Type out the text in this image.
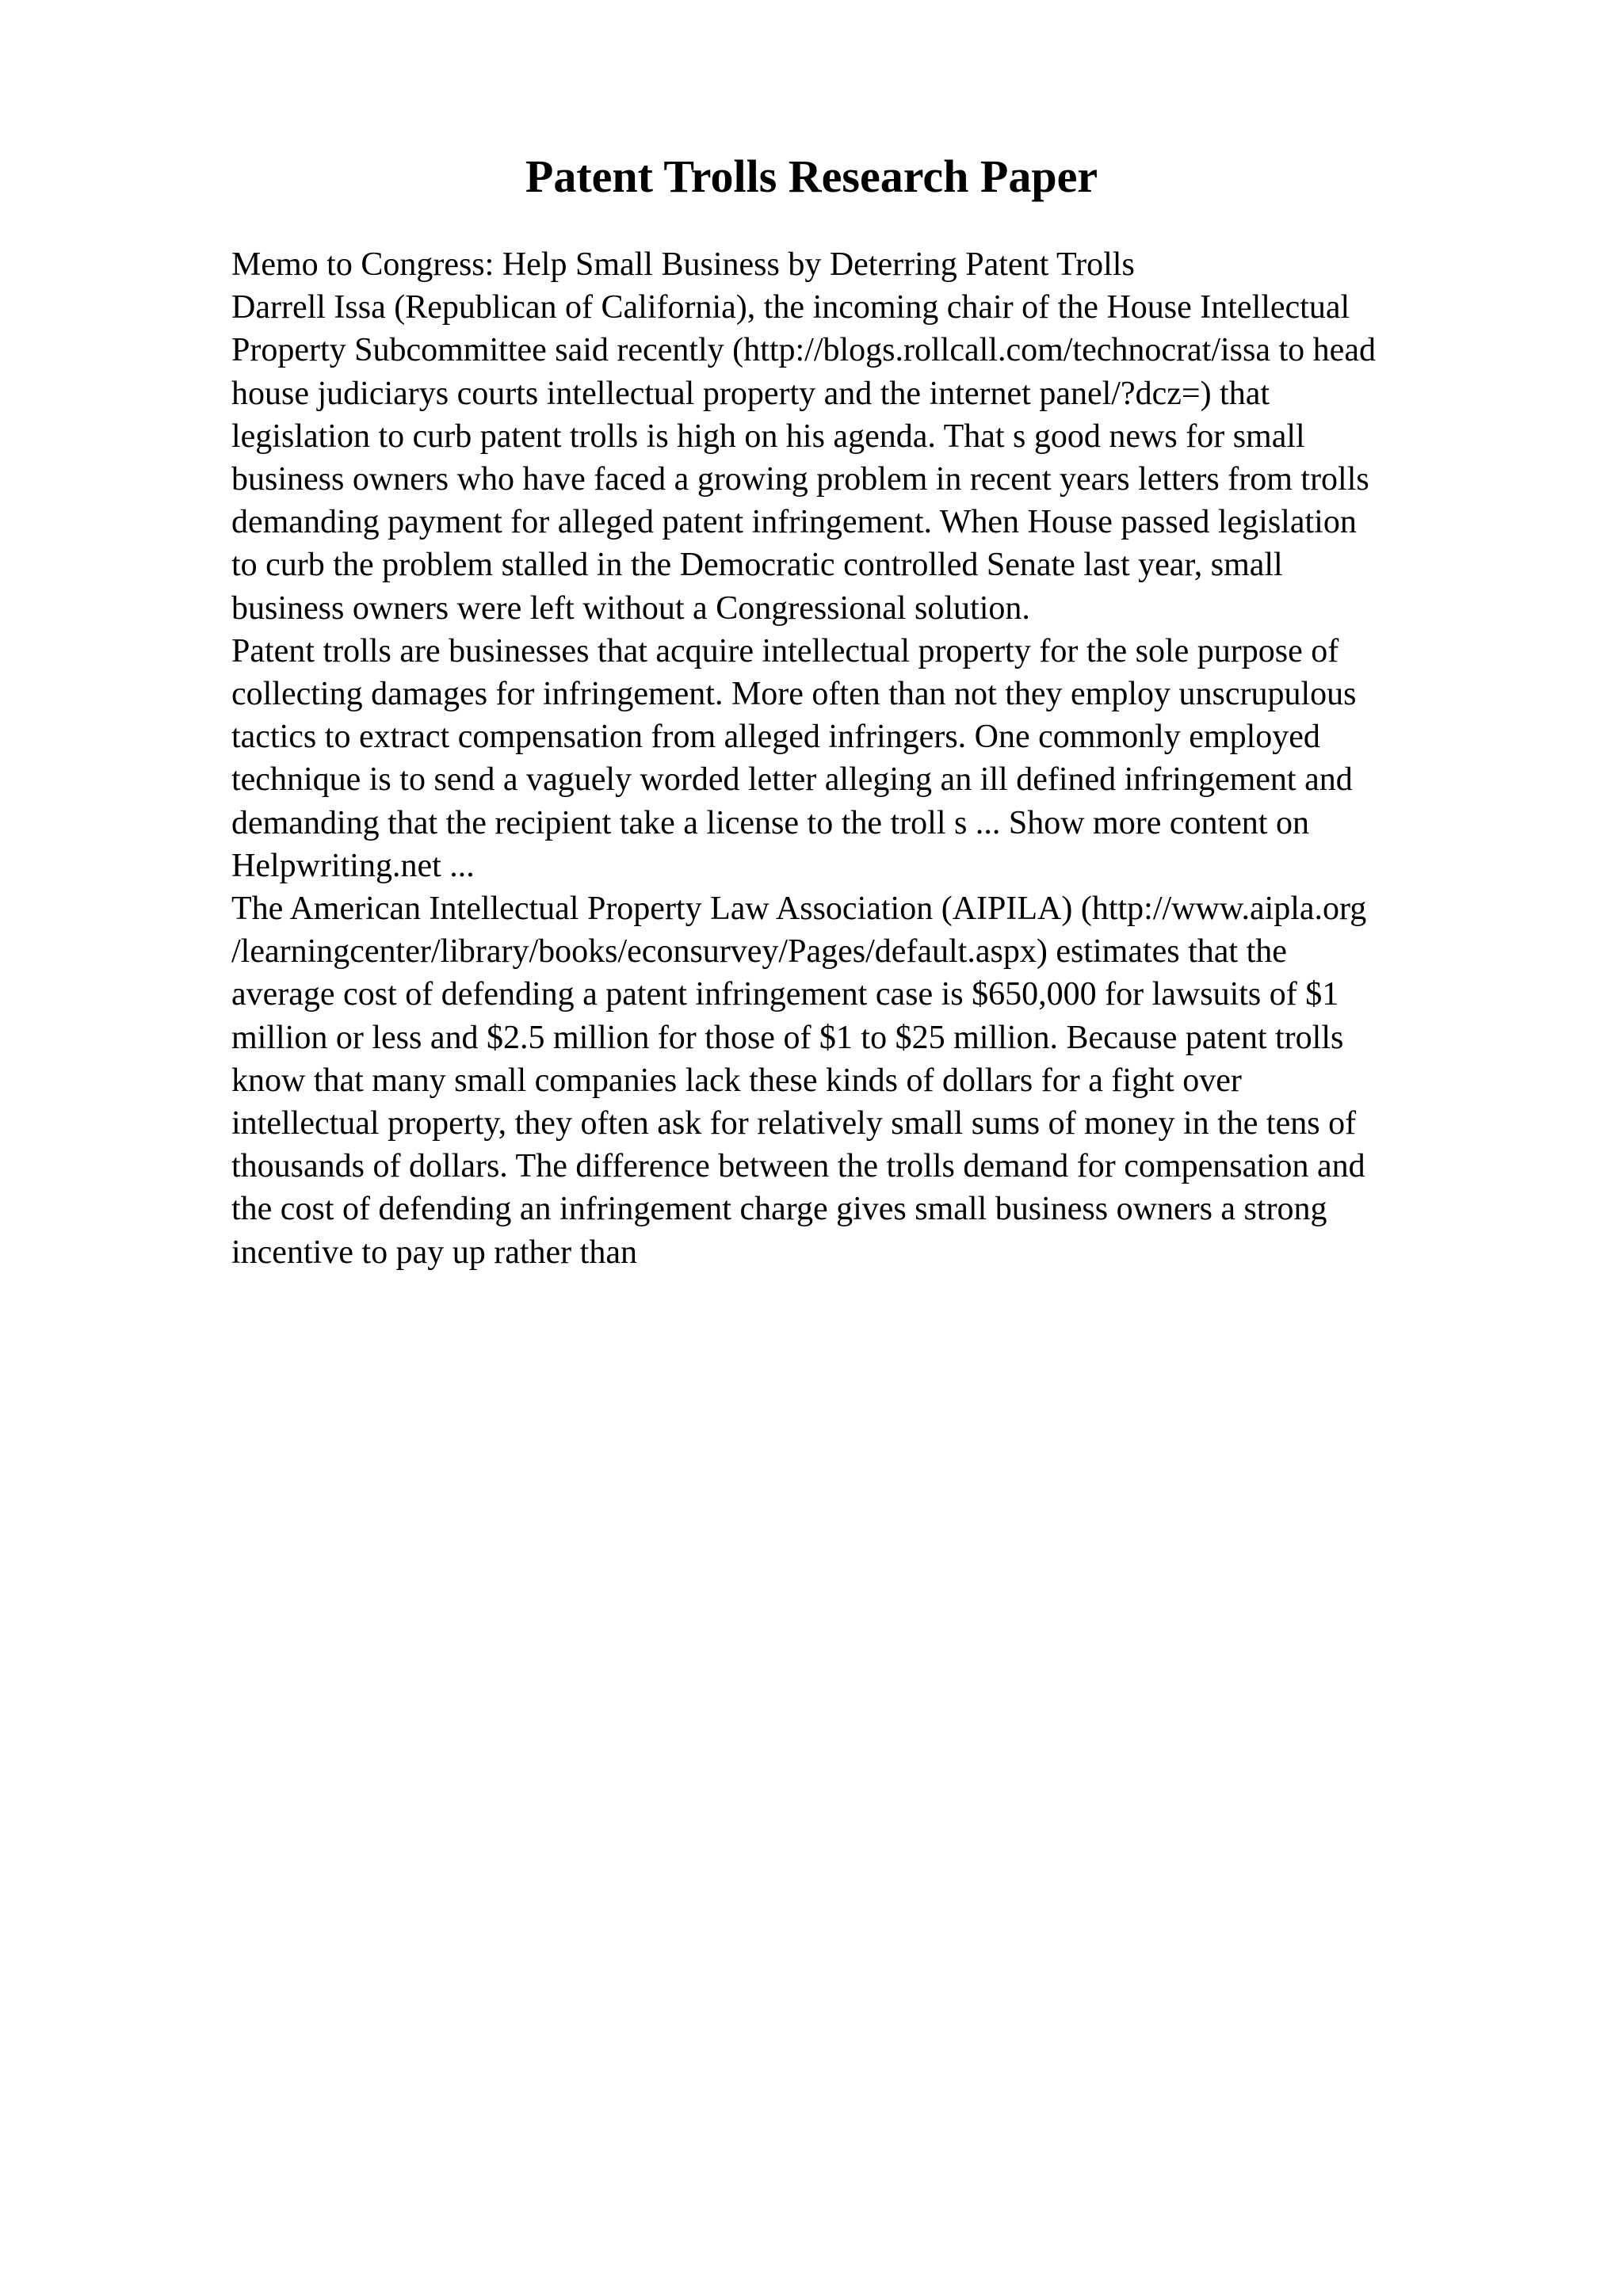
Patent Trolls Research Paper
Memo to Congress: Help Small Business by Deterring Patent Trolls
Darrell Issa (Republican of California), the incoming chair of the House Intellectual
Property Subcommittee said recently (http://blogs.rollcall.com/technocrat/issa to head
house judiciarys courts intellectual property and the internet panel/?dcz=) that
legislation to curb patent trolls is high on his agenda. That s good news for small
business owners who have faced a growing problem in recent years letters from trolls
demanding payment for alleged patent infringement. When House passed legislation
to curb the problem stalled in the Democratic controlled Senate last year, small
business owners were left without a Congressional solution.
Patent trolls are businesses that acquire intellectual property for the sole purpose of
collecting damages for infringement. More often than not they employ unscrupulous
tactics to extract compensation from alleged infringers. One commonly employed
technique is to send a vaguely worded letter alleging an ill defined infringement and
demanding that the recipient take a license to the troll s ... Show more content on
Helpwriting.net ...
The American Intellectual Property Law Association (AIPILA) (http://www.aipla.org
/learningcenter/library/books/econsurvey/Pages/default.aspx) estimates that the
average cost of defending a patent infringement case is $650,000 for lawsuits of $1
million or less and $2.5 million for those of $1 to $25 million. Because patent trolls
know that many small companies lack these kinds of dollars for a fight over
intellectual property, they often ask for relatively small sums of money in the tens of
thousands of dollars. The difference between the trolls demand for compensation and
the cost of defending an infringement charge gives small business owners a strong
incentive to pay up rather than
